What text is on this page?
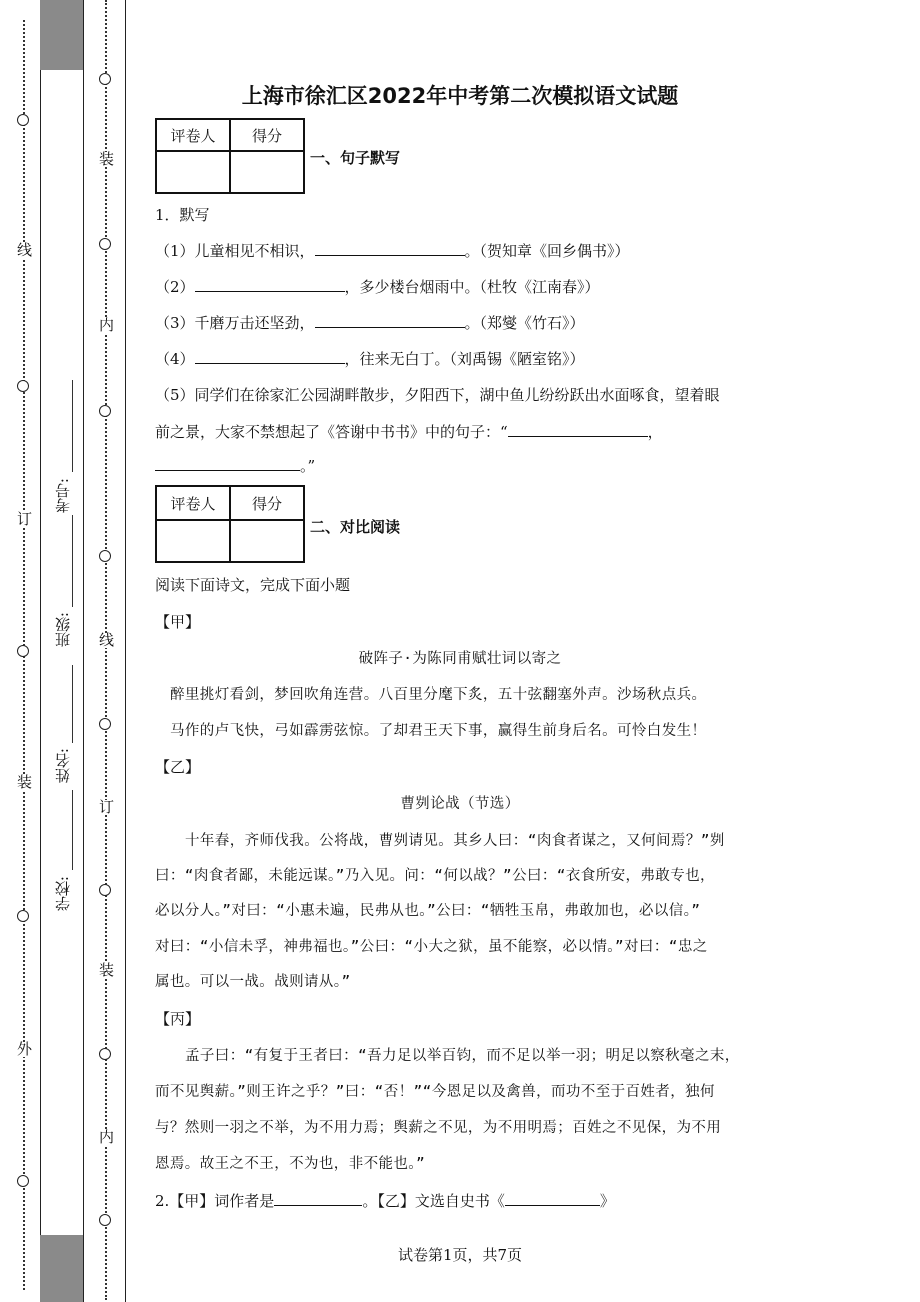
线
订
装
外
装
内
线
订
装
内
学校:
姓名:
班级:
考号:
上海市徐汇区2022年中考第二次模拟语文试题
评卷人	得分

一、句子默写
1．默写
（1）儿童相见不相识，	。（贺知章《回乡偶书》）
（2）	，多少楼台烟雨中。（杜牧《江南春》）
（3）千磨万击还坚劲，	。（郑燮《竹石》）
（4）	，往来无白丁。（刘禹锡《陋室铭》）
（5）同学们在徐家汇公园湖畔散步，夕阳西下，湖中鱼儿纷纷跃出水面啄食，望着眼
前之景，大家不禁想起了《答谢中书书》中的句子：“	，
。”
评卷人	得分

二、对比阅读
阅读下面诗文，完成下面小题
【甲】
破阵子·为陈同甫赋壮词以寄之
醉里挑灯看剑，梦回吹角连营。八百里分麾下炙，五十弦翻塞外声。沙场秋点兵。
马作的卢飞快，弓如霹雳弦惊。了却君王天下事，赢得生前身后名。可怜白发生！
【乙】
曹刿论战（节选）
十年春，齐师伐我。公将战，曹刿请见。其乡人曰：“肉食者谋之，又何间焉？”刿
曰：“肉食者鄙，未能远谋。”乃入见。问：“何以战？”公曰：“衣食所安，弗敢专也，
必以分人。”对曰：“小惠未遍，民弗从也。”公曰：“牺牲玉帛，弗敢加也，必以信。”
对曰：“小信未孚，神弗福也。”公曰：“小大之狱，虽不能察，必以情。”对曰：“忠之
属也。可以一战。战则请从。”
【丙】
孟子曰：“有复于王者曰：“吾力足以举百钧，而不足以举一羽；明足以察秋毫之末，
而不见舆薪。”则王许之乎？”曰：“否！”“今恩足以及禽兽，而功不至于百姓者，独何
与？然则一羽之不举，为不用力焉；舆薪之不见，为不用明焉；百姓之不见保，为不用
恩焉。故王之不王，不为也，非不能也。”
2.【甲】词作者是	。【乙】文选自史书《	》
试卷第1页，共7页
